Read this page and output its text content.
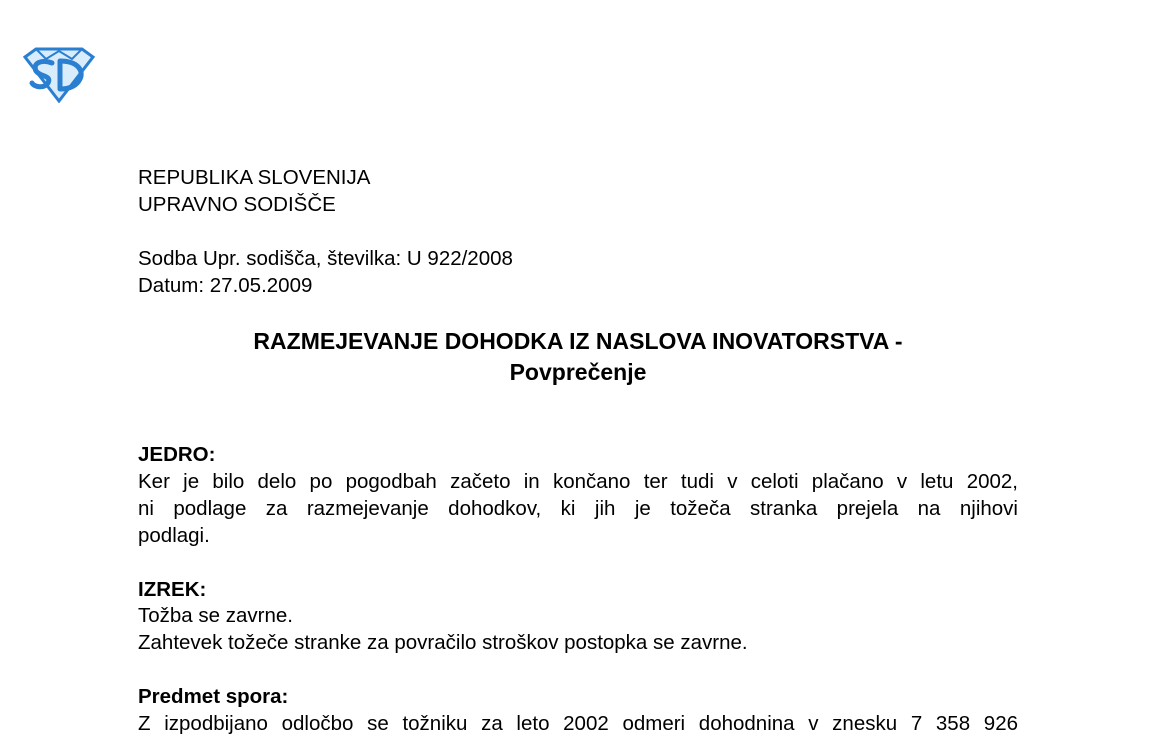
REPUBLIKA SLOVENIJA
UPRAVNO SODIŠČE
Sodba Upr. sodišča, številka: U 922/2008
Datum: 27.05.2009
RAZMEJEVANJE DOHODKA IZ NASLOVA INOVATORSTVA -
Povprečenje
JEDRO:
Ker je bilo delo po pogodbah začeto in končano ter tudi v celoti plačano v letu 2002,
ni podlage za razmejevanje dohodkov, ki jih je tožeča stranka prejela na njihovi
podlagi.
IZREK:
Tožba se zavrne.
Zahtevek tožeče stranke za povračilo stroškov postopka se zavrne.
Predmet spora:
Z izpodbijano odločbo se tožniku za leto 2002 odmeri dohodnina v znesku 7 358 926
